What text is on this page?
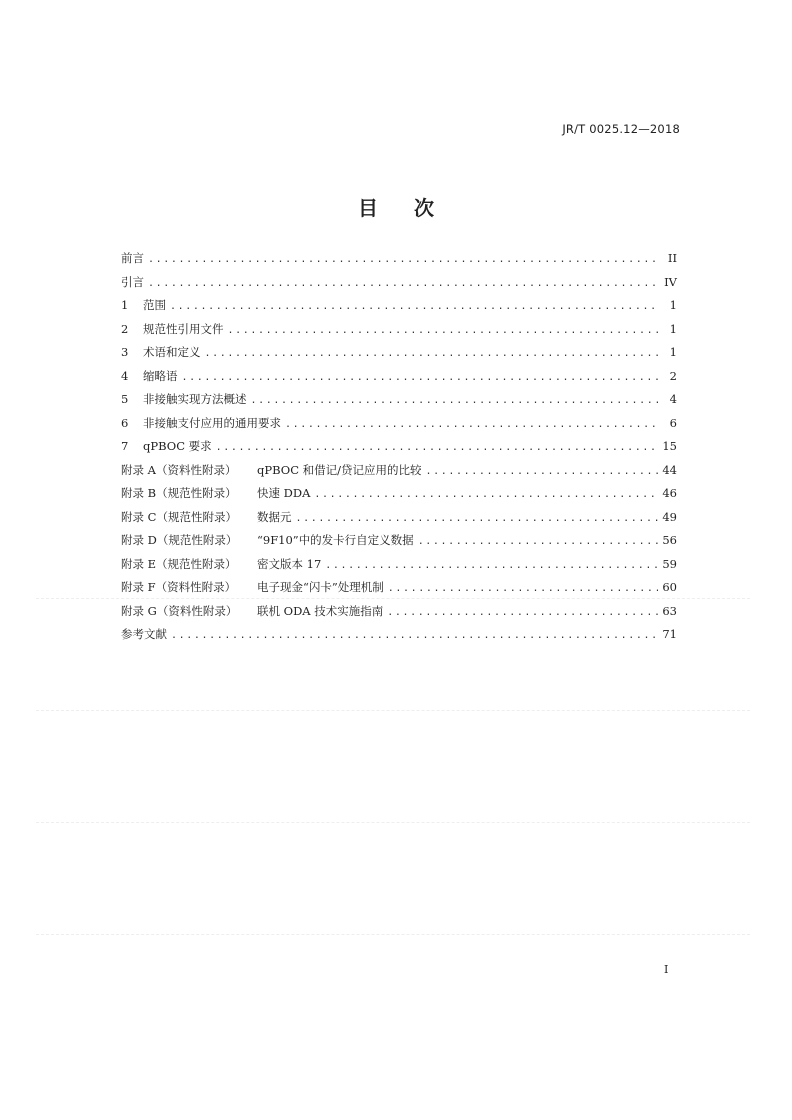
JR/T 0025.12—2018
目次
前言 .....	II
引言 .....	IV
1	范围 .....	1
2	规范性引用文件 .....	1
3	术语和定义 .....	1
4	缩略语 .....	2
5	非接触实现方法概述 .....	4
6	非接触支付应用的通用要求 .....	6
7	qPBOC 要求 .....	15
附录 A（资料性附录）	qPBOC 和借记/贷记应用的比较 .....	44
附录 B（规范性附录）	快速 DDA .....	46
附录 C（规范性附录）	数据元 .....	49
附录 D（规范性附录）	“9F10”中的发卡行自定义数据 .....	56
附录 E（规范性附录）	密文版本 17 .....	59
附录 F（资料性附录）	电子现金“闪卡”处理机制 .....	60
附录 G（资料性附录）	联机 ODA 技术实施指南 .....	63
参考文献 .....	71
I
